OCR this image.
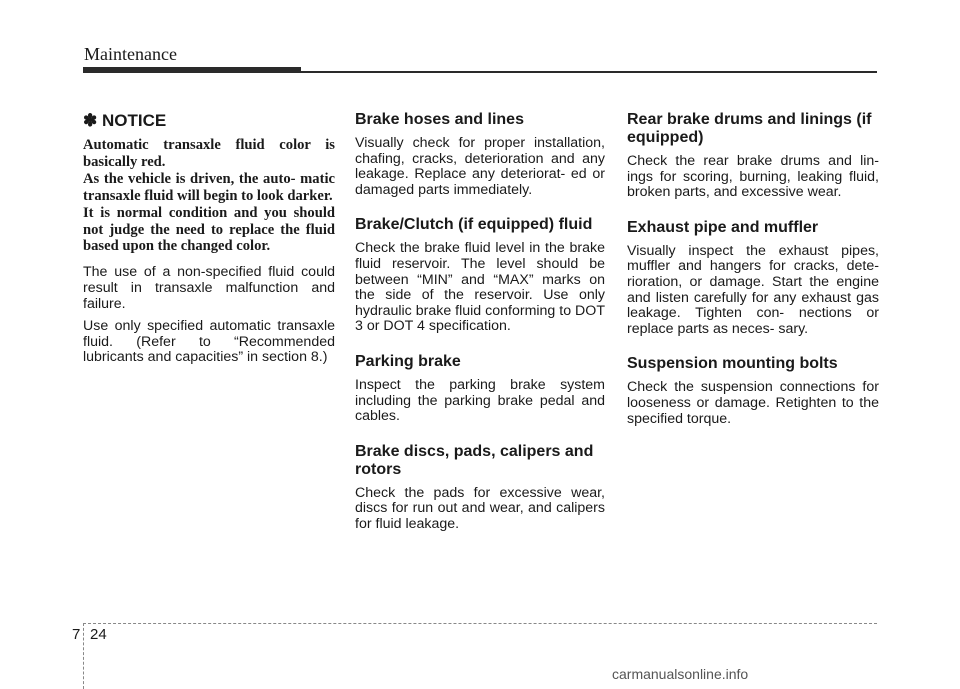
Maintenance
✽ NOTICE
Automatic transaxle fluid color is basically red.
As the vehicle is driven, the auto- matic transaxle fluid will begin to look darker.
It is normal condition and you should not judge the need to replace the fluid based upon the changed color.

The use of a non-specified fluid could result in transaxle malfunction and failure.

Use only specified automatic transaxle fluid. (Refer to “Recommended lubricants and capacities” in section 8.)

Brake hoses and lines

Visually check for proper installation, chafing, cracks, deterioration and any leakage. Replace any deteriorat- ed or damaged parts immediately.

Brake/Clutch (if equipped) fluid

Check the brake fluid level in the brake fluid reservoir. The level should be between “MIN” and “MAX” marks on the side of the reservoir. Use only hydraulic brake fluid conforming to DOT 3 or DOT 4 specification.

Parking brake

Inspect the parking brake system including the parking brake pedal and cables.

Brake discs, pads, calipers and rotors

Check the pads for excessive wear, discs for run out and wear, and calipers for fluid leakage.

Rear brake drums and linings (if equipped)

Check the rear brake drums and lin- ings for scoring, burning, leaking fluid, broken parts, and excessive wear.

Exhaust pipe and muffler

Visually inspect the exhaust pipes, muffler and hangers for cracks, dete- rioration, or damage. Start the engine and listen carefully for any exhaust gas leakage. Tighten con- nections or replace parts as neces- sary.

Suspension mounting bolts

Check the suspension connections for looseness or damage. Retighten to the specified torque.

7 24
carmanualsonline.info
